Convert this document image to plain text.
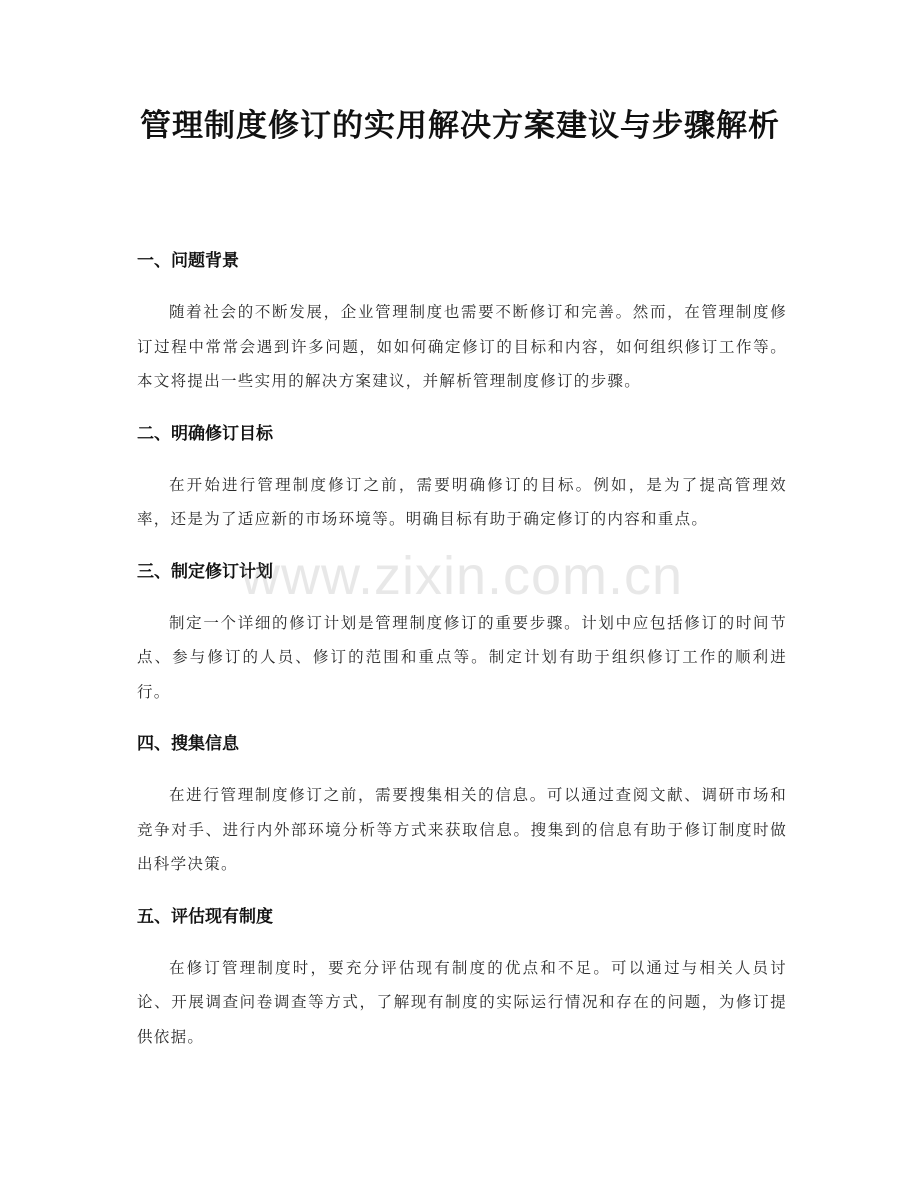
管理制度修订的实用解决方案建议与步骤解析
一、问题背景

随着社会的不断发展，企业管理制度也需要不断修订和完善。然而，在管理制度修订过程中常常会遇到许多问题，如如何确定修订的目标和内容，如何组织修订工作等。本文将提出一些实用的解决方案建议，并解析管理制度修订的步骤。

二、明确修订目标

在开始进行管理制度修订之前，需要明确修订的目标。例如，是为了提高管理效率，还是为了适应新的市场环境等。明确目标有助于确定修订的内容和重点。

三、制定修订计划

制定一个详细的修订计划是管理制度修订的重要步骤。计划中应包括修订的时间节点、参与修订的人员、修订的范围和重点等。制定计划有助于组织修订工作的顺利进行。

四、搜集信息

在进行管理制度修订之前，需要搜集相关的信息。可以通过查阅文献、调研市场和竞争对手、进行内外部环境分析等方式来获取信息。搜集到的信息有助于修订制度时做出科学决策。

五、评估现有制度

在修订管理制度时，要充分评估现有制度的优点和不足。可以通过与相关人员讨论、开展调查问卷调查等方式，了解现有制度的实际运行情况和存在的问题，为修订提供依据。

www.zixin.com.cn
